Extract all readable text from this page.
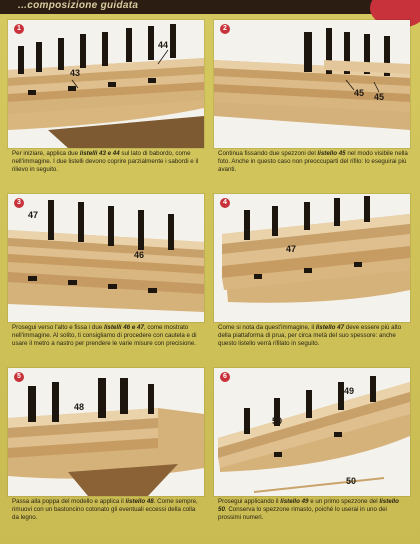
...composizione guidata
1
44
43
Per iniziare, applica due listelli 43 e 44 sul lato di babordo, come nell'immagine. I due listelli devono coprire parzialmente i sabordi e il rilievo in seguito.
2
45 45
Continua fissando due spezzoni del listello 45 nel modo visibile nella foto. Anche in questo caso non preoccuparti del rifilo: lo eseguirai più avanti.
3
47
46
Prosegui verso l'alto e fissa i due listelli 46 e 47, come mostrato nell'immagine. Al solito, ti consigliamo di procedere con cautela e di usare il metro a nastro per prendere le varie misure con precisione.
4
47
Come si nota da quest'immagine, il listello 47 deve essere più alto della piattaforma di prua, per circa metà del suo spessore: anche questo listello verrà rifilato in seguito.
5
48
Passa alla poppa del modello e applica il listello 48. Come sempre, rimuovi con un bastoncino cotonato gli eventuali eccessi della colla da legno.
6
49
50
50
Prosegui applicando il listello 49 e un primo spezzone del listello 50. Conserva lo spezzone rimasto, poiché lo userai in uno dei prossimi numeri.
